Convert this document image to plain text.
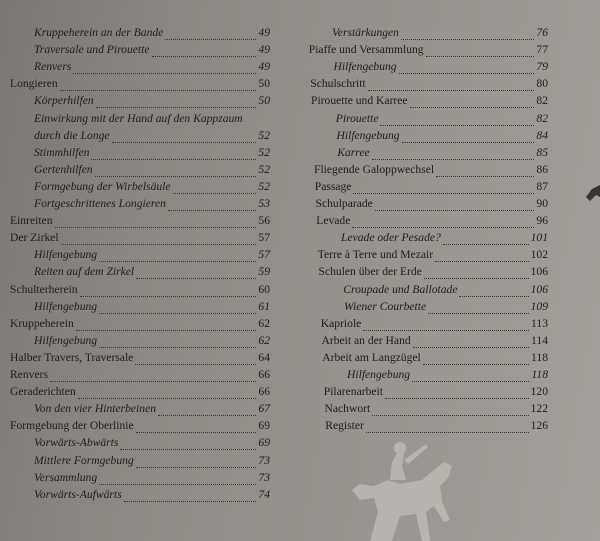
Kruppeherein an der Bande	49
Traversale und Pirouette	49
Renvers	49
Longieren	50
Körperhilfen	50
Einwirkung mit der Hand auf den Kappzaum
durch die Longe	52
Stimmhilfen	52
Gertenhilfen	52
Formgebung der Wirbelsäule	52
Fortgeschrittenes Longieren	53
Einreiten	56
Der Zirkel	57
Hilfengebung	57
Reiten auf dem Zirkel	59
Schulterherein	60
Hilfengebung	61
Kruppeherein	62
Hilfengebung	62
Halber Travers, Traversale	64
Renvers	66
Geraderichten	66
Von den vier Hinterbeinen	67
Formgebung der Oberlinie	69
Vorwärts-Abwärts	69
Mittlere Formgebung	73
Versammlung	73
Vorwärts-Aufwärts	74
Verstärkungen	76
Piaffe und Versammlung	77
Hilfengebung	79
Schulschritt	80
Pirouette und Karree	82
Pirouette	82
Hilfengebung	84
Karree	85
Fliegende Galoppwechsel	86
Passage	87
Schulparade	90
Levade	96
Levade oder Pesade?	101
Terre à Terre und Mezair	102
Schulen über der Erde	106
Croupade und Ballotade	106
Wiener Courbette	109
Kapriole	113
Arbeit an der Hand	114
Arbeit am Langzügel	118
Hilfengebung	118
Pilarenarbeit	120
Nachwort	122
Register	126
